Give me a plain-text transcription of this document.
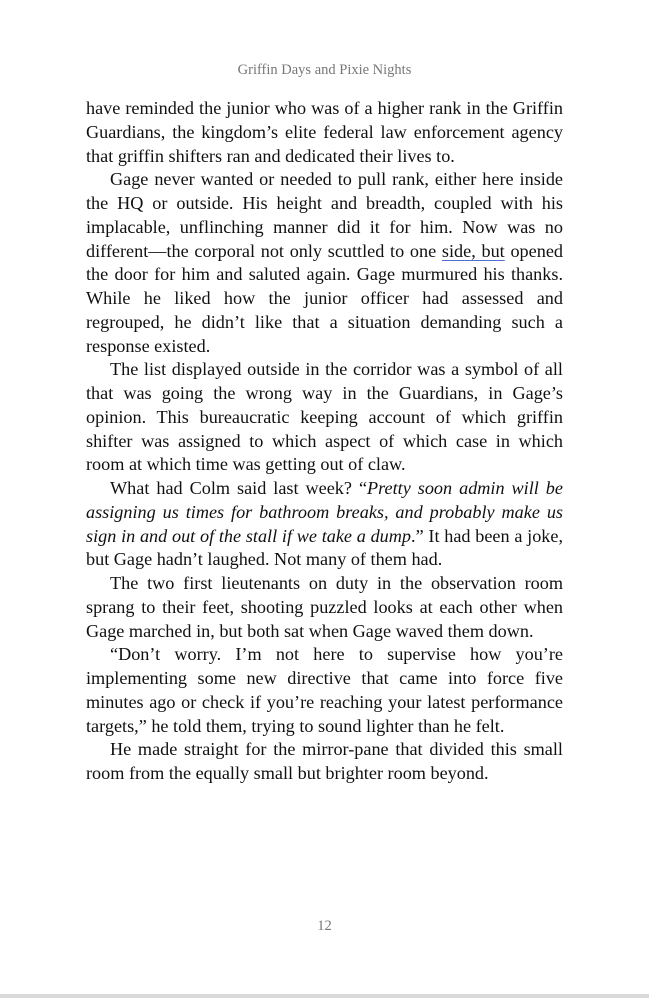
Griffin Days and Pixie Nights

have reminded the junior who was of a higher rank in the Griffin Guardians, the kingdom’s elite federal law enforcement agency that griffin shifters ran and dedicated their lives to.

Gage never wanted or needed to pull rank, either here inside the HQ or outside. His height and breadth, coupled with his implacable, unflinching manner did it for him. Now was no different—the corporal not only scuttled to one side, but opened the door for him and saluted again. Gage murmured his thanks. While he liked how the junior officer had assessed and regrouped, he didn’t like that a situation demanding such a response existed.

The list displayed outside in the corridor was a symbol of all that was going the wrong way in the Guardians, in Gage’s opinion. This bureaucratic keeping account of which griffin shifter was assigned to which aspect of which case in which room at which time was getting out of claw.

What had Colm said last week? “Pretty soon admin will be assigning us times for bathroom breaks, and probably make us sign in and out of the stall if we take a dump.” It had been a joke, but Gage hadn’t laughed. Not many of them had.

The two first lieutenants on duty in the observation room sprang to their feet, shooting puzzled looks at each other when Gage marched in, but both sat when Gage waved them down.

“Don’t worry. I’m not here to supervise how you’re implementing some new directive that came into force five minutes ago or check if you’re reaching your latest performance targets,” he told them, trying to sound lighter than he felt.

He made straight for the mirror-pane that divided this small room from the equally small but brighter room beyond.

12
